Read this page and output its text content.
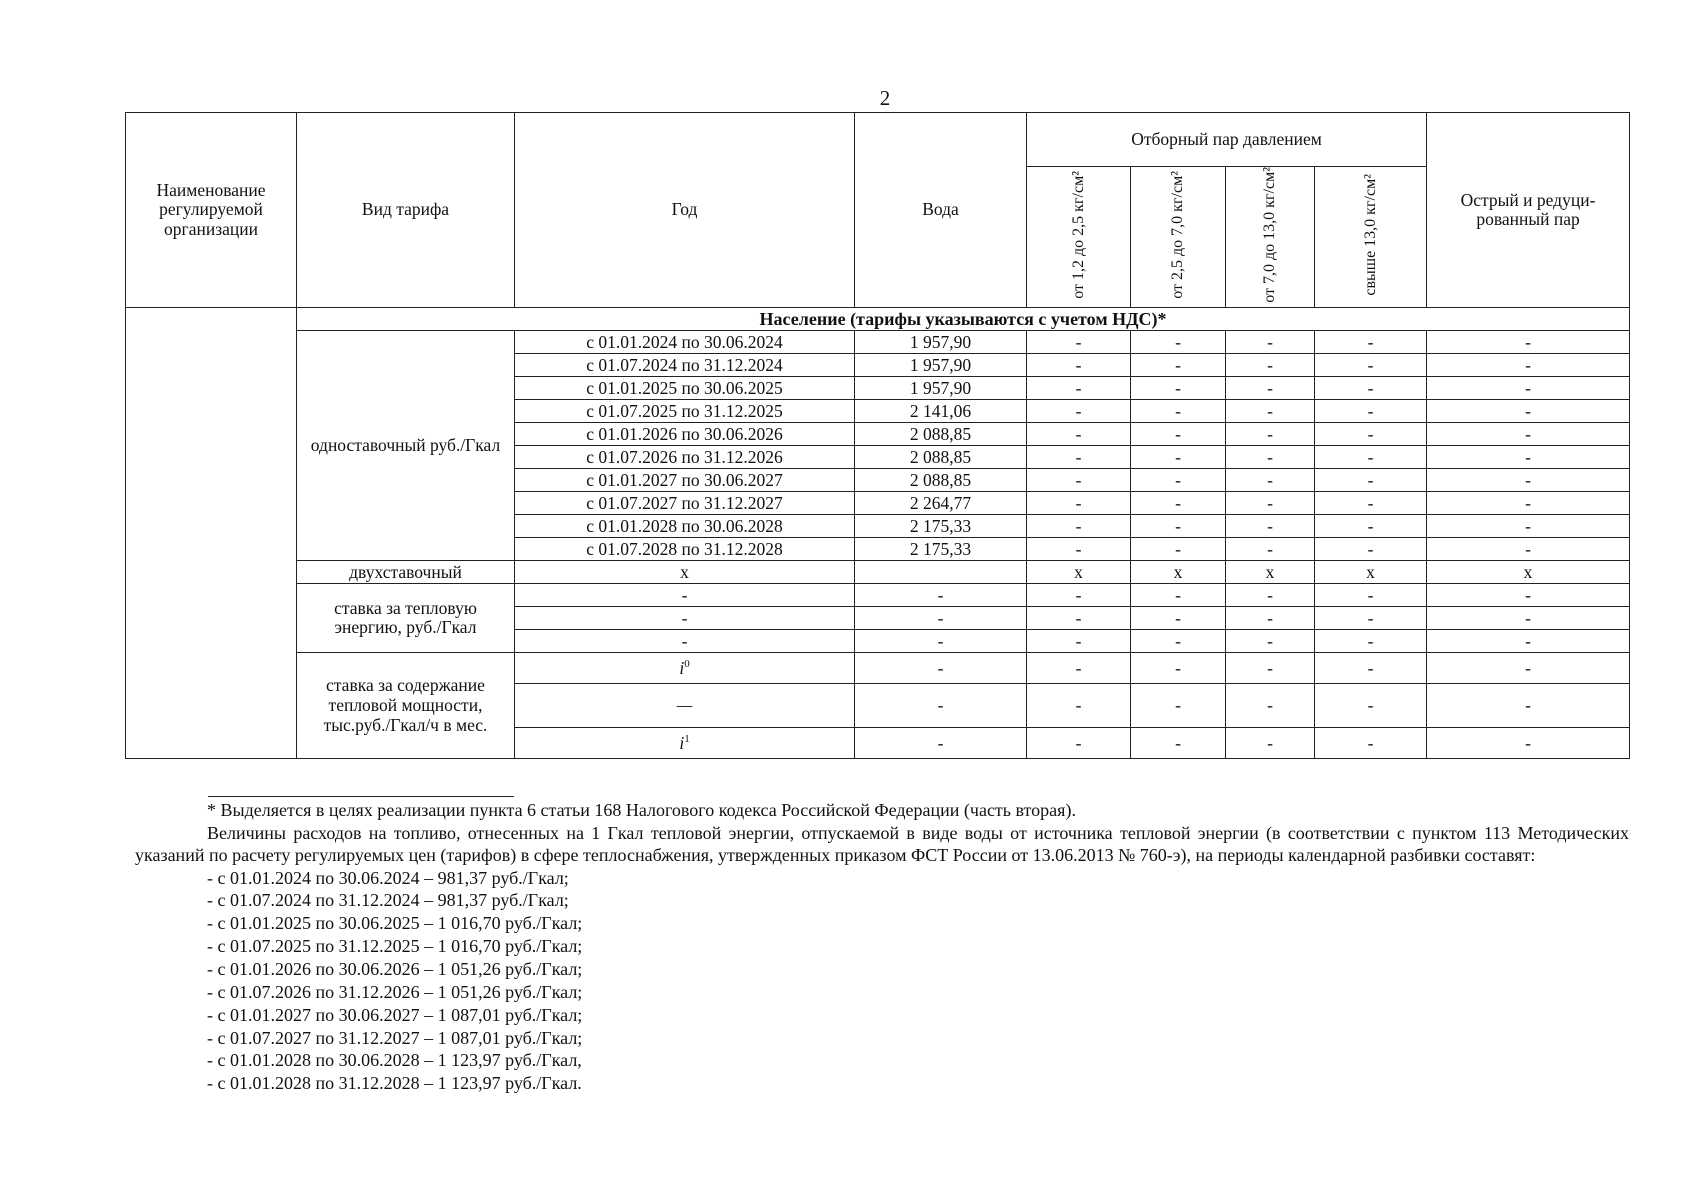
2
Наименование регулируемой организации	Вид тарифа	Год	Вода	Отборный пар давлением				Острый и редуци-рованный пар
				от 1,2 до 2,5 кг/см²	от 2,5 до 7,0 кг/см²	от 7,0 до 13,0 кг/см²	свыше 13,0 кг/см²	
	Население (тарифы указываются с учетом НДС)*							
	одноставочный руб./Гкал	с 01.01.2024 по 30.06.2024	1 957,90	-	-	-	-	-
		с 01.07.2024 по 31.12.2024	1 957,90	-	-	-	-	-
		с 01.01.2025 по 30.06.2025	1 957,90	-	-	-	-	-
		с 01.07.2025 по 31.12.2025	2 141,06	-	-	-	-	-
		с 01.01.2026 по 30.06.2026	2 088,85	-	-	-	-	-
		с 01.07.2026 по 31.12.2026	2 088,85	-	-	-	-	-
		с 01.01.2027 по 30.06.2027	2 088,85	-	-	-	-	-
		с 01.07.2027 по 31.12.2027	2 264,77	-	-	-	-	-
		с 01.01.2028 по 30.06.2028	2 175,33	-	-	-	-	-
		с 01.07.2028 по 31.12.2028	2 175,33	-	-	-	-	-
	двухставочный	x		x	x	x	x	x
	ставка за тепловую энергию, руб./Гкал	-	-	-	-	-	-	-
		-	-	-	-	-	-	-
		-	-	-	-	-	-	-
	ставка за содержание тепловой мощности, тыс.руб./Гкал/ч в мес.	$i^0$	-	-	-	-	-	-
		—	-	-	-	-	-	-
		$i^1$	-	-	-	-	-	-

* Выделяется в целях реализации пункта 6 статьи 168 Налогового кодекса Российской Федерации (часть вторая).

Величины расходов на топливо, отнесенных на 1 Гкал тепловой энергии, отпускаемой в виде воды от источника тепловой энергии (в соответствии с пунктом 113 Методических указаний по расчету регулируемых цен (тарифов) в сфере теплоснабжения, утвержденных приказом ФСТ России от 13.06.2013 № 760-э), на периоды календарной разбивки составят:

- с 01.01.2024 по 30.06.2024 – 981,37 руб./Гкал;
- с 01.07.2024 по 31.12.2024 – 981,37 руб./Гкал;
- с 01.01.2025 по 30.06.2025 – 1 016,70 руб./Гкал;
- с 01.07.2025 по 31.12.2025 – 1 016,70 руб./Гкал;
- с 01.01.2026 по 30.06.2026 – 1 051,26 руб./Гкал;
- с 01.07.2026 по 31.12.2026 – 1 051,26 руб./Гкал;
- с 01.01.2027 по 30.06.2027 – 1 087,01 руб./Гкал;
- с 01.07.2027 по 31.12.2027 – 1 087,01 руб./Гкал;
- с 01.01.2028 по 30.06.2028 – 1 123,97 руб./Гкал,
- с 01.01.2028 по 31.12.2028 – 1 123,97 руб./Гкал.
